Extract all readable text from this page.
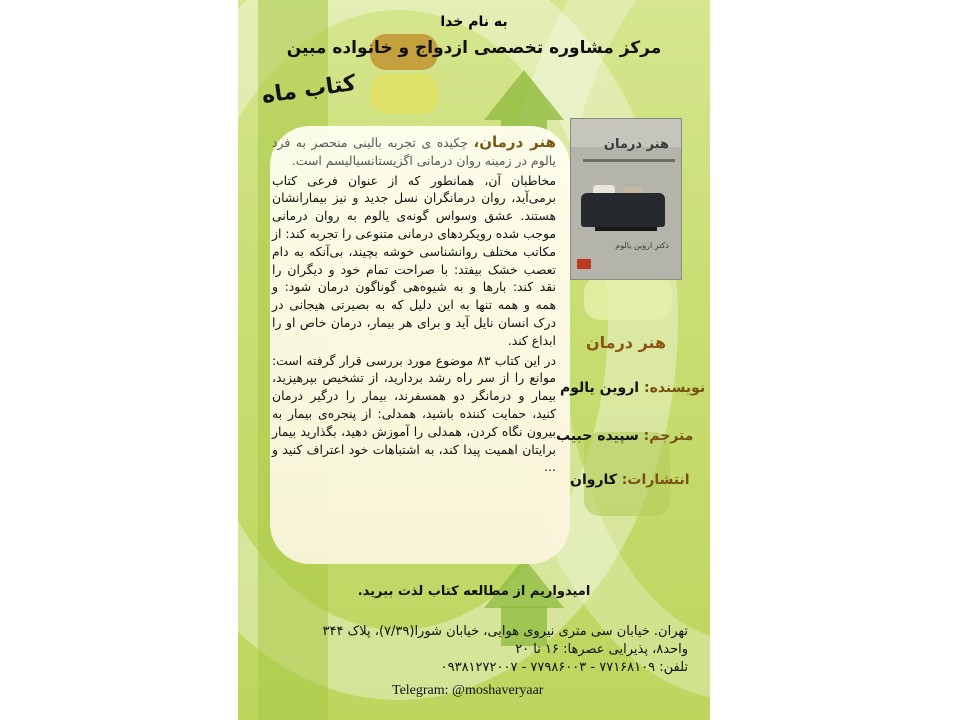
به نام خدا
مرکز مشاوره تخصصی ازدواج و خانواده مبین
کتاب ماه

هنر درمان، چکیده ی تجربه بالینی منحصر به فرد یالوم در زمینه روان درمانی اگزیستانسیالیسم است.

مخاطبان آن، همانطور که از عنوان فرعی کتاب برمی‌آید، روان درمانگران نسل جدید و نیز بیمارانشان هستند. عشق وسواس گونه‌ی یالوم به روان درمانی موجب شده رویکردهای درمانی متنوعی را تجربه کند: از مکاتب مختلف روانشناسی خوشه بچیند، بی‌آنکه به دام تعصب خشک بیفتد: با صراحت تمام خود و دیگران را نقد کند: بارها و به شیوه‌هی گوناگون درمان شود: و همه و همه تنها به این دلیل که به بصیرتی هیجانی در درک انسان نایل آید و برای هر بیمار، درمان خاص او را ابداع کند.

در این کتاب ۸۳ موضوع مورد بررسی قرار گرفته است: موانع را از سر راه رشد بردارید، از تشخیص بپرهیزید، بیمار و درمانگر دو همسفرند، بیمار را درگیر درمان کنید، حمایت کننده باشید، همدلی: از پنجره‌ی بیمار به بیرون نگاه کردن، همدلی را آموزش دهید، بگذارید بیمار برایتان اهمیت پیدا کند، به اشتباهات خود اعتراف کنید و ...

هنر درمان
دکتر اروین یالوم
هنر درمان
نویسنده: اروین یالوم
مترجم: سپیده حبیب
انتشارات: کاروان
امیدواریم از مطالعه کتاب لذت ببرید.
تهران. خیابان سی متری نیروی هوایی، خیابان شورا(۷/۳۹)، پلاک ۳۴۴
واحد۸، پذیرایی عصرها: ۱۶ تا ۲۰
تلفن: ۷۷۱۶۸۱۰۹ - ۷۷۹۸۶۰۰۳ - ۰۹۳۸۱۲۷۲۰۰۷
Telegram: @moshaveryaar
